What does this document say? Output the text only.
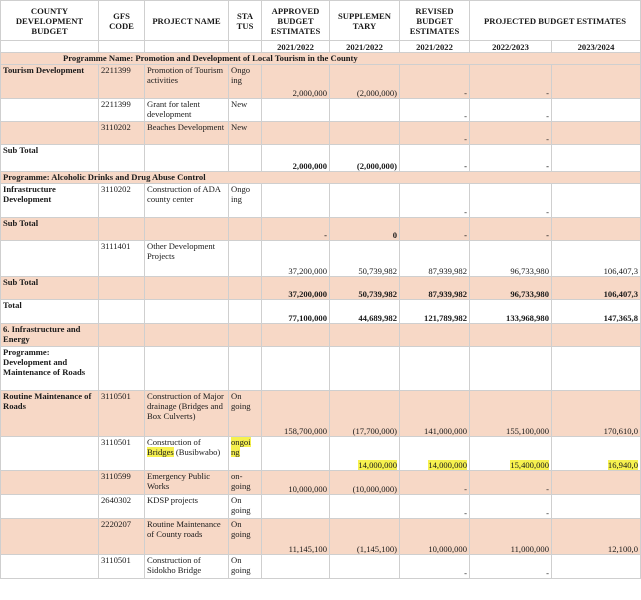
COUNTY DEVELOPMENT BUDGET	GFS CODE	PROJECT NAME	STA TUS	APPROVED BUDGET ESTIMATES	SUPPLEMEN TARY	REVISED BUDGET ESTIMATES	PROJECTED BUDGET ESTIMATES	
				2021/2022	2021/2022	2021/2022	2022/2023	2023/2024
Programme Name: Promotion and Development of Local Tourism in the County								
Tourism Development	2211399	Promotion of Tourism activities	Ongo ing	2,000,000	(2,000,000)	-	-	
	2211399	Grant for talent development	New			-	-	
	3110202	Beaches Development	New			-	-	
Sub Total				2,000,000	(2,000,000)	-	-	
Programme: Alcoholic Drinks and Drug Abuse Control								
Infrastructure Development	3110202	Construction of ADA county center	Ongo ing			-	-	
Sub Total				-	0	-	-	
	3111401	Other Development Projects		37,200,000	50,739,982	87,939,982	96,733,980	106,407,3
Sub Total				37,200,000	50,739,982	87,939,982	96,733,980	106,407,3
Total				77,100,000	44,689,982	121,789,982	133,968,980	147,365,8
6. Infrastructure and Energy								
Programme: Development and Maintenance of Roads								
Routine Maintenance of Roads	3110501	Construction of Major drainage (Bridges and Box Culverts)	On going	158,700,000	(17,700,000)	141,000,000	155,100,000	170,610,0
	3110501	Construction of Bridges (Busibwabo)	ongoi ng		14,000,000	14,000,000	15,400,000	16,940,0
	3110599	Emergency Public Works	on-going	10,000,000	(10,000,000)	-	-	
	2640302	KDSP projects	On going			-	-	
	2220207	Routine Maintenance of County roads	On going	11,145,100	(1,145,100)	10,000,000	11,000,000	12,100,0
	3110501	Construction of Sidokho Bridge	On going			-	-	
